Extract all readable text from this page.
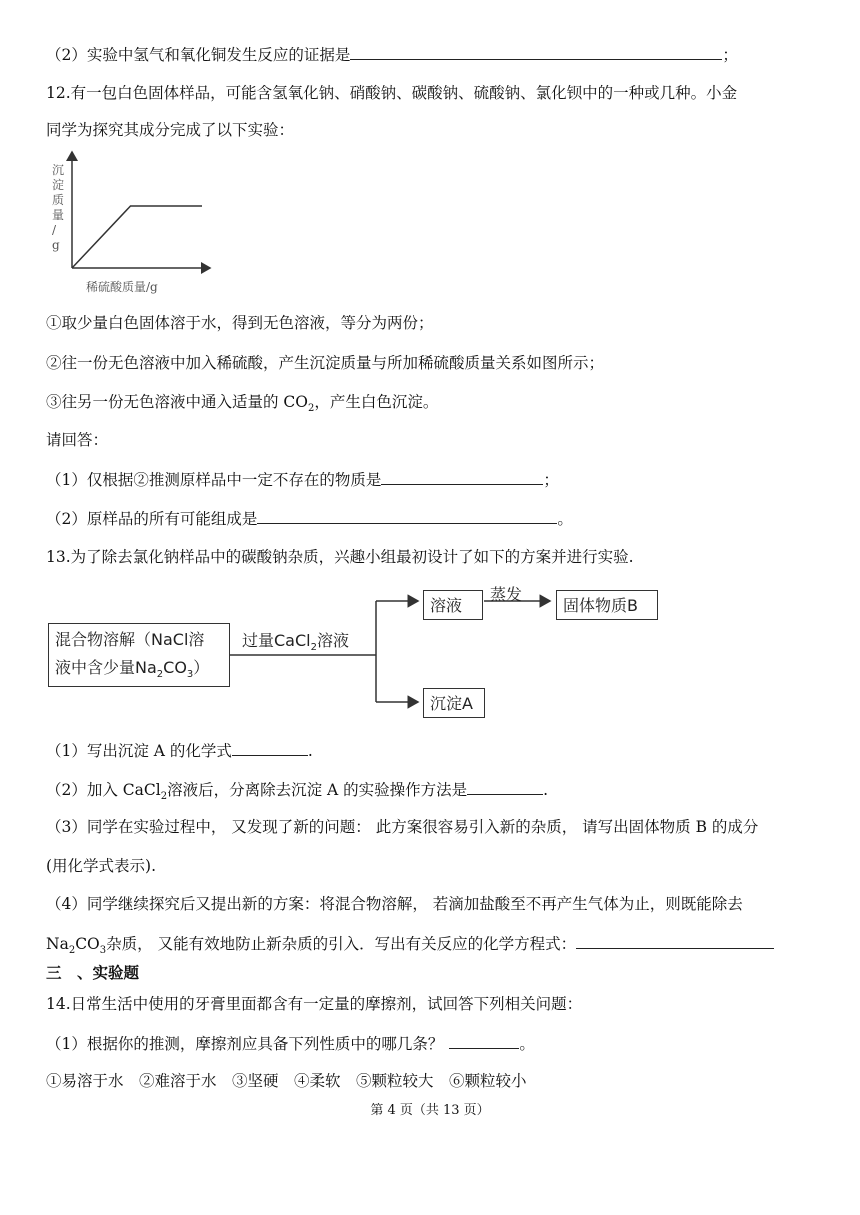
（2）实验中氢气和氧化铜发生反应的证据是	；
12.有一包白色固体样品，可能含氢氧化钠、硝酸钠、碳酸钠、硫酸钠、氯化钡中的一种或几种。小金
同学为探究其成分完成了以下实验：
沉
淀
质
量
/
g
稀硫酸质量/g
①取少量白色固体溶于水，得到无色溶液，等分为两份；
②往一份无色溶液中加入稀硫酸，产生沉淀质量与所加稀硫酸质量关系如图所示；
③往另一份无色溶液中通入适量的 $CO_2$，产生白色沉淀。
请回答：
（1）仅根据②推测原样品中一定不存在的物质是	；
（2）原样品的所有可能组成是	。
13.为了除去氯化钠样品中的碳酸钠杂质，兴趣小组最初设计了如下的方案并进行实验.
混合物溶解（NaCl溶
液中含少量$Na_2CO_3$）
过量CaCl$_2$溶液
溶液
蒸发
固体物质B
沉淀A
（1）写出沉淀 A 的化学式	.
（2）加入 CaCl$_2$溶液后，分离除去沉淀 A 的实验操作方法是	.
（3）同学在实验过程中， 又发现了新的问题： 此方案很容易引入新的杂质， 请写出固体物质 B 的成分
(用化学式表示).
（4）同学继续探究后又提出新的方案：将混合物溶解， 若滴加盐酸至不再产生气体为止，则既能除去
$Na_2CO_3$杂质， 又能有效地防止新杂质的引入．写出有关反应的化学方程式：
三　、实验题
14.日常生活中使用的牙膏里面都含有一定量的摩擦剂，试回答下列相关问题：
（1）根据你的推测，摩擦剂应具备下列性质中的哪几条？	。
①易溶于水　②难溶于水　③坚硬　④柔软　⑤颗粒较大　⑥颗粒较小
第 4 页（共 13 页）
